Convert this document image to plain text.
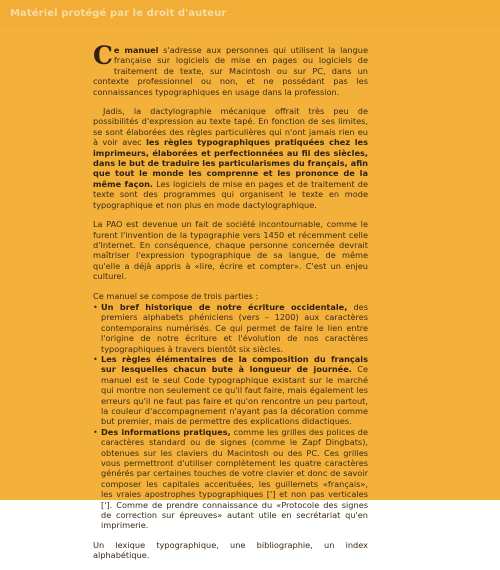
Matériel protégé par le droit d'auteur

Ce manuel s'adresse aux personnes qui utilisent la langue française sur logiciels de mise en pages ou logiciels de traitement de texte, sur Macintosh ou sur PC, dans un contexte professionnel ou non, et ne possédant pas les connaissances typographiques en usage dans la profession.

Jadis, la dactylographie mécanique offrait très peu de possibilités d'expression au texte tapé. En fonction de ses limites, se sont élaborées des règles particulières qui n'ont jamais rien eu à voir avec les règles typographiques pratiquées chez les imprimeurs, élaborées et perfectionnées au fil des siècles, dans le but de traduire les particularismes du français, afin que tout le monde les comprenne et les prononce de la même façon. Les logiciels de mise en pages et de traitement de texte sont des programmes qui organisent le texte en mode typographique et non plus en mode dactylographique.

La PAO est devenue un fait de société incontournable, comme le furent l'invention de la typographie vers 1450 et récemment celle d'Internet. En conséquence, chaque personne concernée devrait maîtriser l'expression typographique de sa langue, de même qu'elle a déjà appris à «lire, écrire et compter». C'est un enjeu culturel.

Ce manuel se compose de trois parties :

• Un bref historique de notre écriture occidentale, des premiers alphabets phéniciens (vers – 1200) aux caractères contemporains numérisés. Ce qui permet de faire le lien entre l'origine de notre écriture et l'évolution de nos caractères typographiques à travers bientôt six siècles.
• Les règles élémentaires de la composition du français sur lesquelles chacun bute à longueur de journée. Ce manuel est le seul Code typographique existant sur le marché qui montre non seulement ce qu'il faut faire, mais également les erreurs qu'il ne faut pas faire et qu'on rencontre un peu partout, la couleur d'accompagnement n'ayant pas la décoration comme but premier, mais de permettre des explications didactiques.
• Des informations pratiques, comme les grilles des polices de caractères standard ou de signes (comme le Zapf Dingbats), obtenues sur les claviers du Macintosh ou des PC. Ces grilles vous permettront d'utiliser complètement les quatre caractères générés par certaines touches de votre clavier et donc de savoir composer les capitales accentuées, les guillemets «français», les vraies apostrophes typographiques ['] et non pas verticales [']. Comme de prendre connaissance du «Protocole des signes de correction sur épreuves» autant utile en secrétariat qu'en imprimerie.

Un lexique typographique, une bibliographie, un index alphabétique.
